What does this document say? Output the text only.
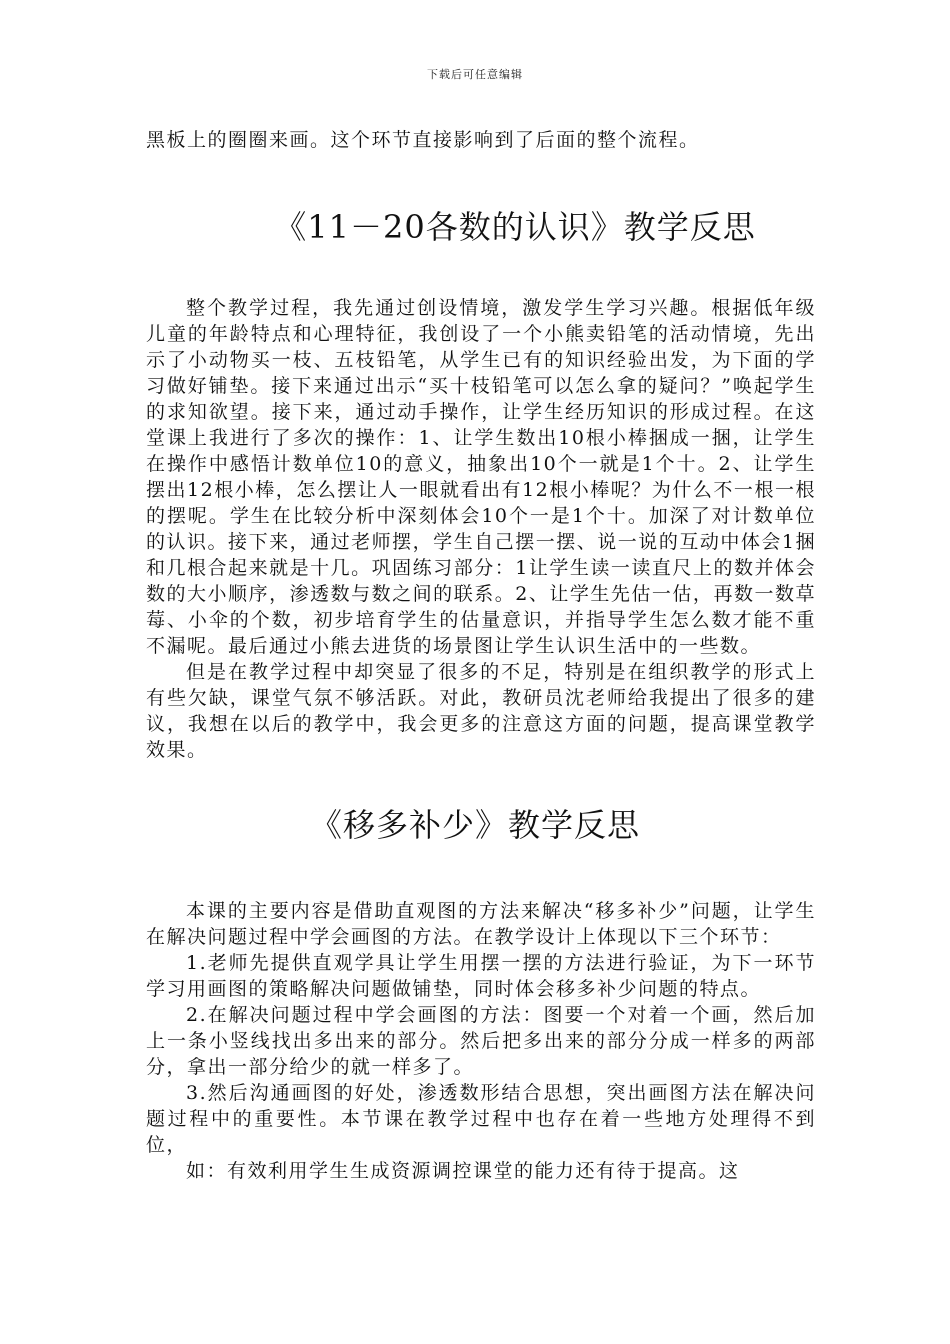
下载后可任意编辑
黑板上的圈圈来画。这个环节直接影响到了后面的整个流程。
《11－20各数的认识》教学反思

整个教学过程，我先通过创设情境，激发学生学习兴趣。根据低年级儿童的年龄特点和心理特征，我创设了一个小熊卖铅笔的活动情境，先出示了小动物买一枝、五枝铅笔，从学生已有的知识经验出发，为下面的学习做好铺垫。接下来通过出示“买十枝铅笔可以怎么拿的疑问？”唤起学生的求知欲望。接下来，通过动手操作，让学生经历知识的形成过程。在这堂课上我进行了多次的操作：1、让学生数出10根小棒捆成一捆，让学生在操作中感悟计数单位10的意义，抽象出10个一就是1个十。2、让学生摆出12根小棒，怎么摆让人一眼就看出有12根小棒呢？为什么不一根一根的摆呢。学生在比较分析中深刻体会10个一是1个十。加深了对计数单位的认识。接下来，通过老师摆，学生自己摆一摆、说一说的互动中体会1捆和几根合起来就是十几。巩固练习部分：1让学生读一读直尺上的数并体会数的大小顺序，渗透数与数之间的联系。2、让学生先估一估，再数一数草莓、小伞的个数，初步培育学生的估量意识，并指导学生怎么数才能不重不漏呢。最后通过小熊去进货的场景图让学生认识生活中的一些数。

但是在教学过程中却突显了很多的不足，特别是在组织教学的形式上有些欠缺，课堂气氛不够活跃。对此，教研员沈老师给我提出了很多的建议，我想在以后的教学中，我会更多的注意这方面的问题，提高课堂教学效果。

《移多补少》教学反思

本课的主要内容是借助直观图的方法来解决“移多补少”问题，让学生在解决问题过程中学会画图的方法。在教学设计上体现以下三个环节：

1.老师先提供直观学具让学生用摆一摆的方法进行验证，为下一环节学习用画图的策略解决问题做铺垫，同时体会移多补少问题的特点。

2.在解决问题过程中学会画图的方法：图要一个对着一个画，然后加上一条小竖线找出多出来的部分。然后把多出来的部分分成一样多的两部分，拿出一部分给少的就一样多了。

3.然后沟通画图的好处，渗透数形结合思想，突出画图方法在解决问题过程中的重要性。本节课在教学过程中也存在着一些地方处理得不到位，

如：有效利用学生生成资源调控课堂的能力还有待于提高。这
